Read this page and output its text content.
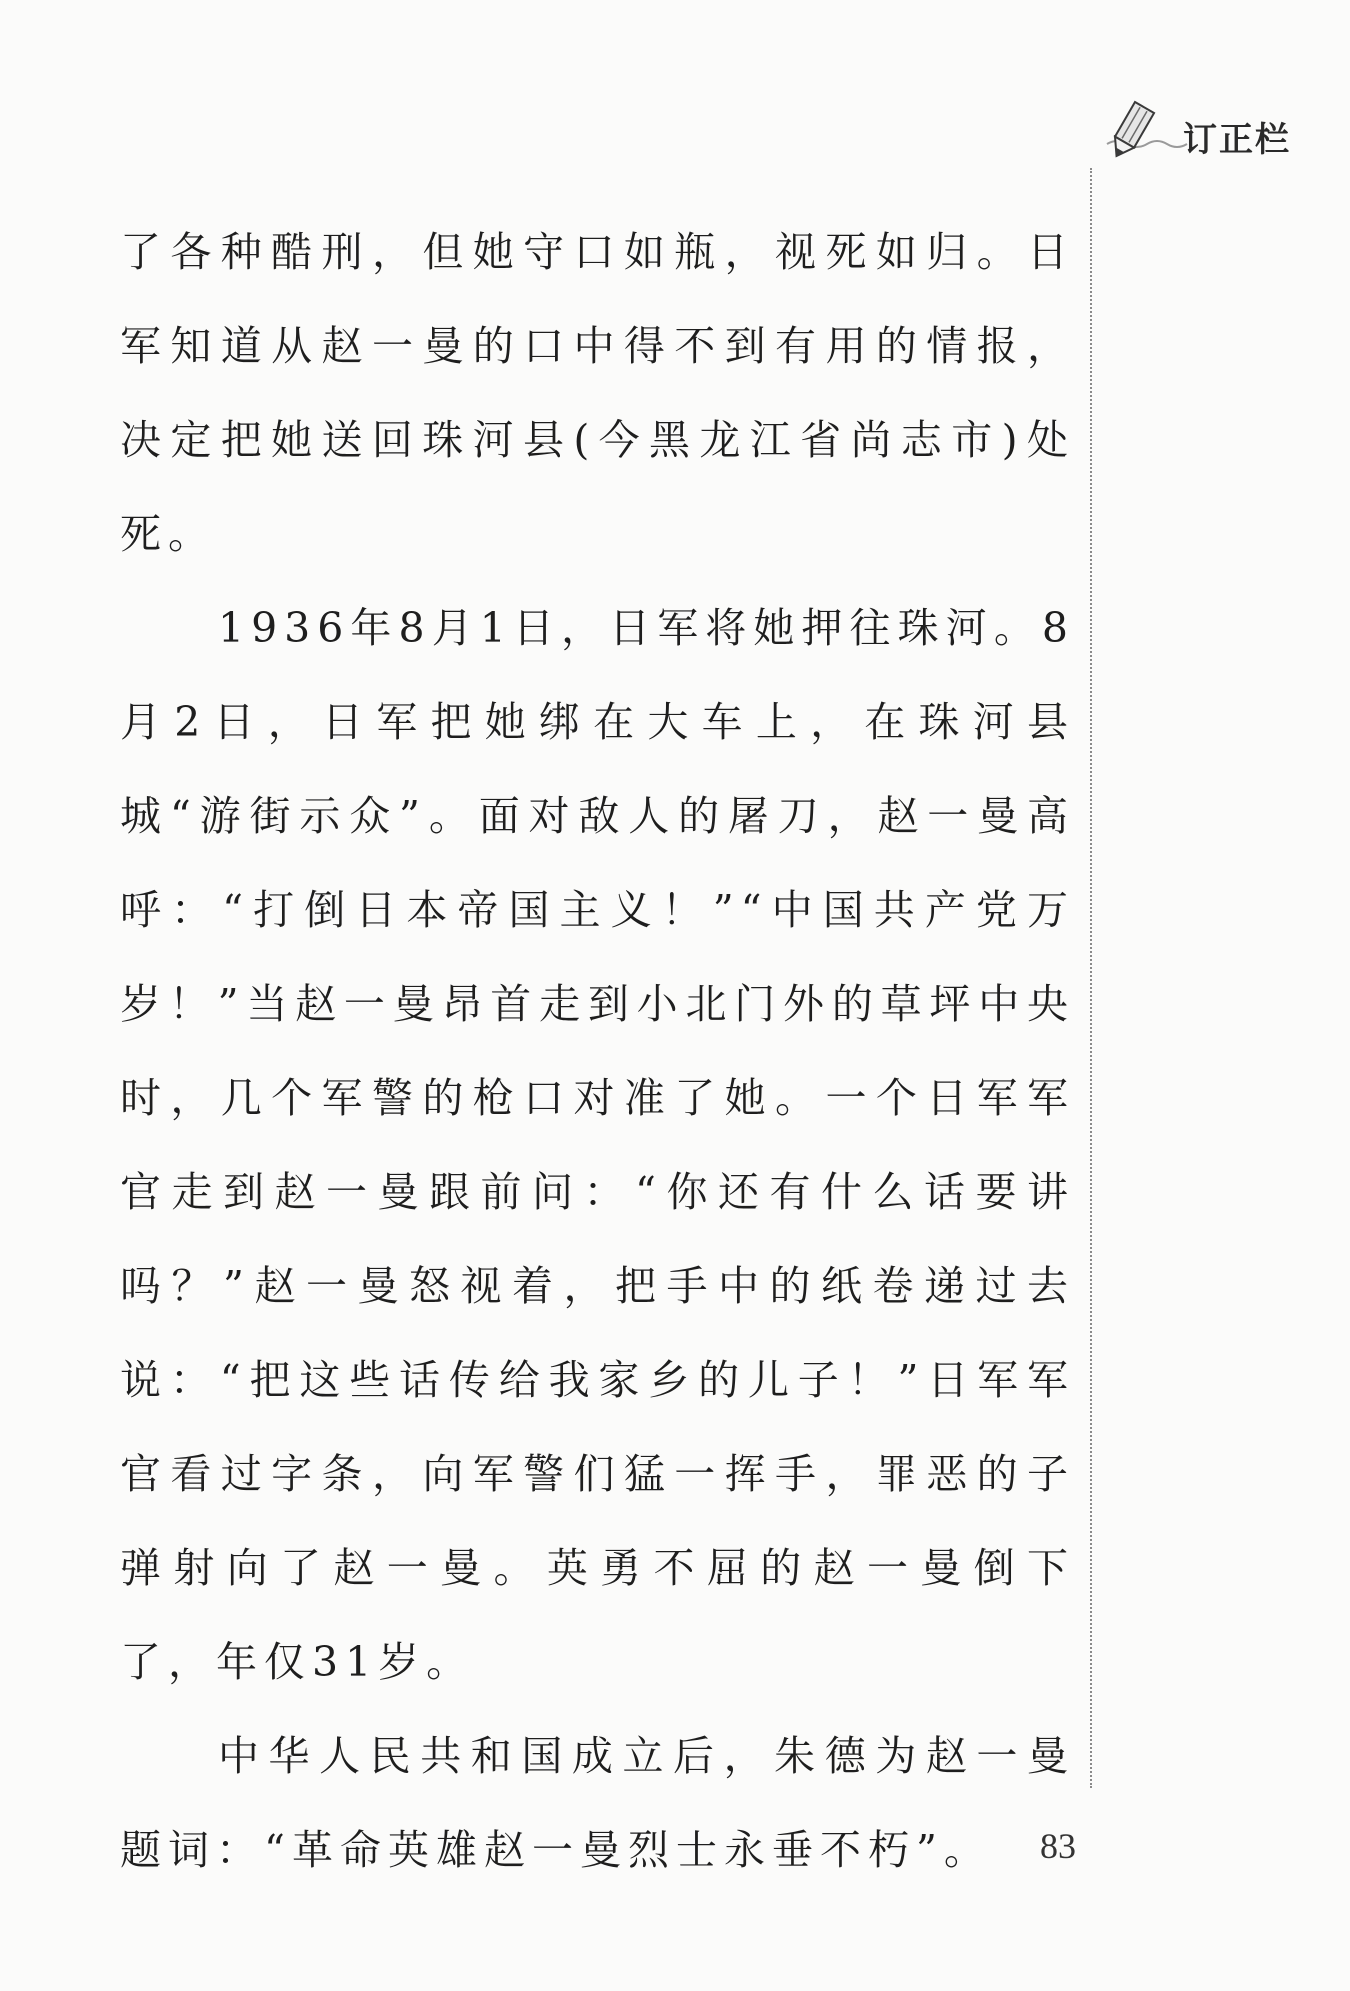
订正栏

了各种酷刑，但她守口如瓶，视死如归。日军知道从赵一曼的口中得不到有用的情报，决定把她送回珠河县(今黑龙江省尚志市)处死。

1936年8月1日，日军将她押往珠河。8月2日，日军把她绑在大车上，在珠河县城“游街示众”。面对敌人的屠刀，赵一曼高呼：“打倒日本帝国主义！”“中国共产党万岁！”当赵一曼昂首走到小北门外的草坪中央时，几个军警的枪口对准了她。一个日军军官走到赵一曼跟前问：“你还有什么话要讲吗？”赵一曼怒视着，把手中的纸卷递过去说：“把这些话传给我家乡的儿子！”日军军官看过字条，向军警们猛一挥手，罪恶的子弹射向了赵一曼。英勇不屈的赵一曼倒下了，年仅31岁。

中华人民共和国成立后，朱德为赵一曼题词：“革命英雄赵一曼烈士永垂不朽”。	83
